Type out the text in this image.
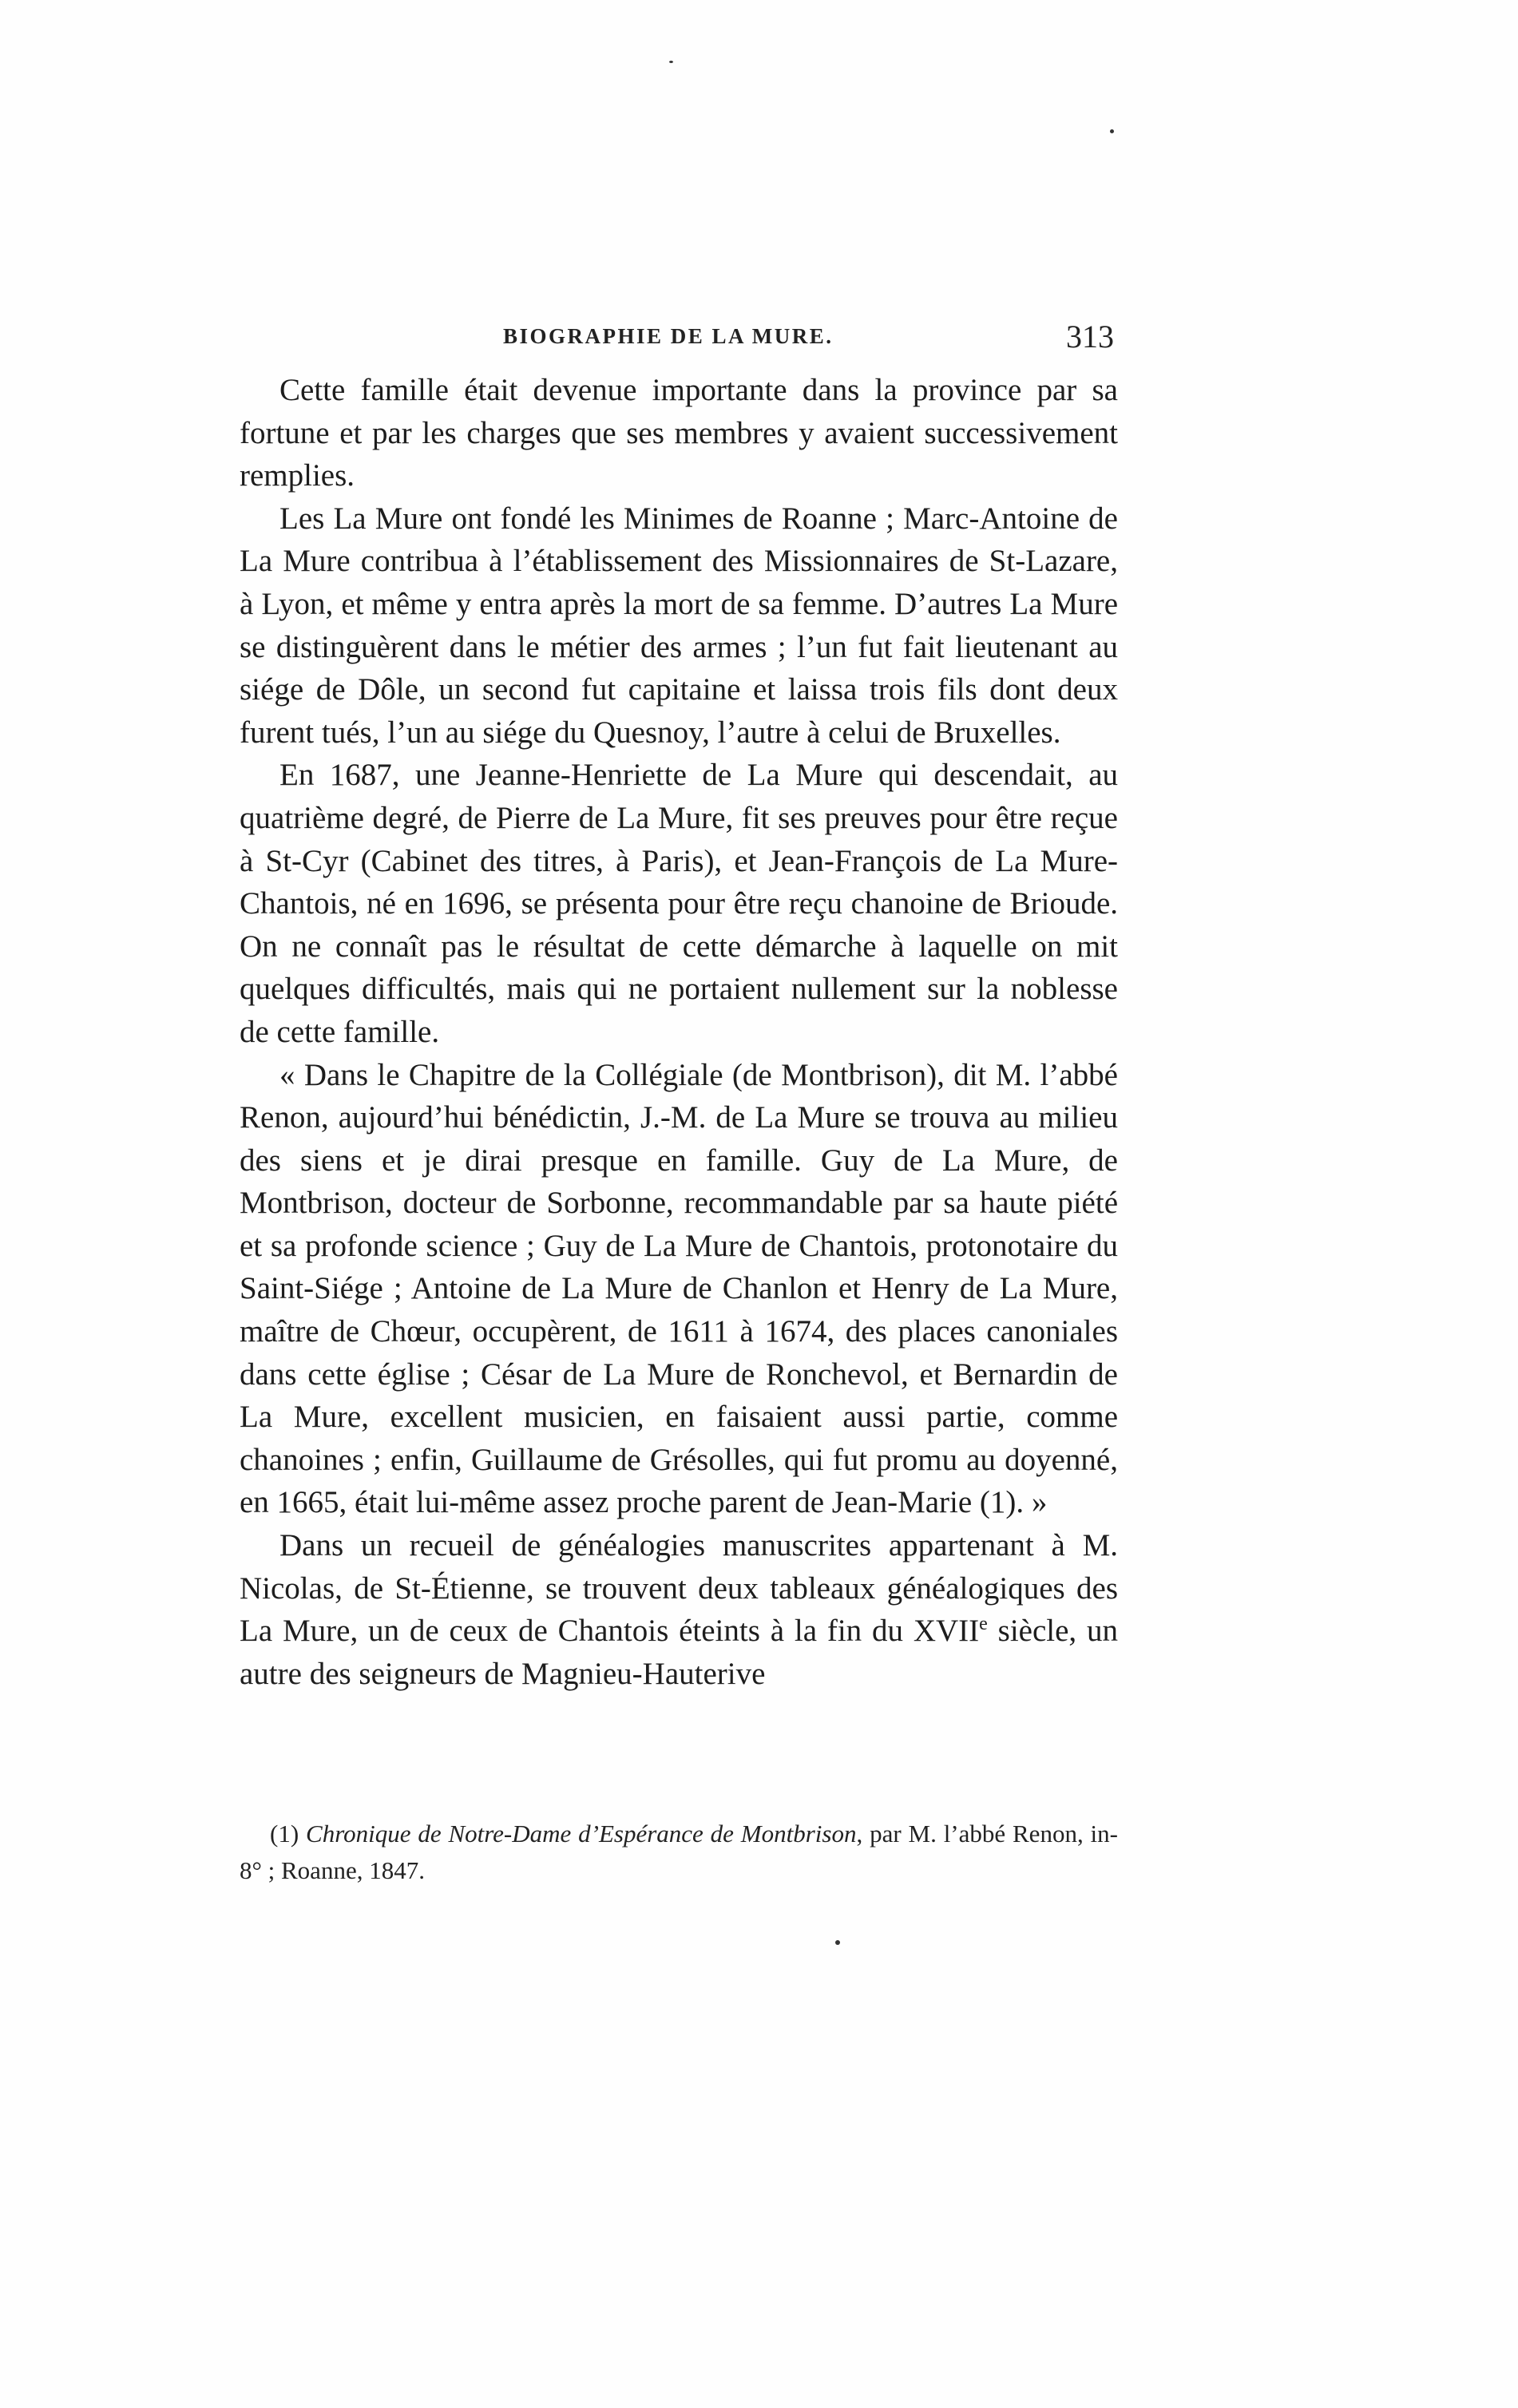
BIOGRAPHIE DE LA MURE.	313

Cette famille était devenue importante dans la province par sa fortune et par les charges que ses membres y avaient successivement remplies.

Les La Mure ont fondé les Minimes de Roanne ; Marc-Antoine de La Mure contribua à l’établissement des Missionnaires de St-Lazare, à Lyon, et même y entra après la mort de sa femme. D’autres La Mure se distinguèrent dans le métier des armes ; l’un fut fait lieutenant au siége de Dôle, un second fut capitaine et laissa trois fils dont deux furent tués, l’un au siége du Quesnoy, l’autre à celui de Bruxelles.

En 1687, une Jeanne-Henriette de La Mure qui descendait, au quatrième degré, de Pierre de La Mure, fit ses preuves pour être reçue à St-Cyr (Cabinet des titres, à Paris), et Jean-François de La Mure-Chantois, né en 1696, se présenta pour être reçu chanoine de Brioude. On ne connaît pas le résultat de cette démarche à laquelle on mit quelques difficultés, mais qui ne portaient nullement sur la noblesse de cette famille.

« Dans le Chapitre de la Collégiale (de Montbrison), dit M. l’abbé Renon, aujourd’hui bénédictin, J.-M. de La Mure se trouva au milieu des siens et je dirai presque en famille. Guy de La Mure, de Montbrison, docteur de Sorbonne, recommandable par sa haute piété et sa profonde science ; Guy de La Mure de Chantois, protonotaire du Saint-Siége ; Antoine de La Mure de Chanlon et Henry de La Mure, maître de Chœur, occupèrent, de 1611 à 1674, des places canoniales dans cette église ; César de La Mure de Ronchevol, et Bernardin de La Mure, excellent musicien, en faisaient aussi partie, comme chanoines ; enfin, Guillaume de Grésolles, qui fut promu au doyenné, en 1665, était lui-même assez proche parent de Jean-Marie (1). »

Dans un recueil de généalogies manuscrites appartenant à M. Nicolas, de St-Étienne, se trouvent deux tableaux généalogiques des La Mure, un de ceux de Chantois éteints à la fin du XVIIe siècle, un autre des seigneurs de Magnieu-Hauterive

(1) Chronique de Notre-Dame d’Espérance de Montbrison, par M. l’abbé Renon, in-8° ; Roanne, 1847.
